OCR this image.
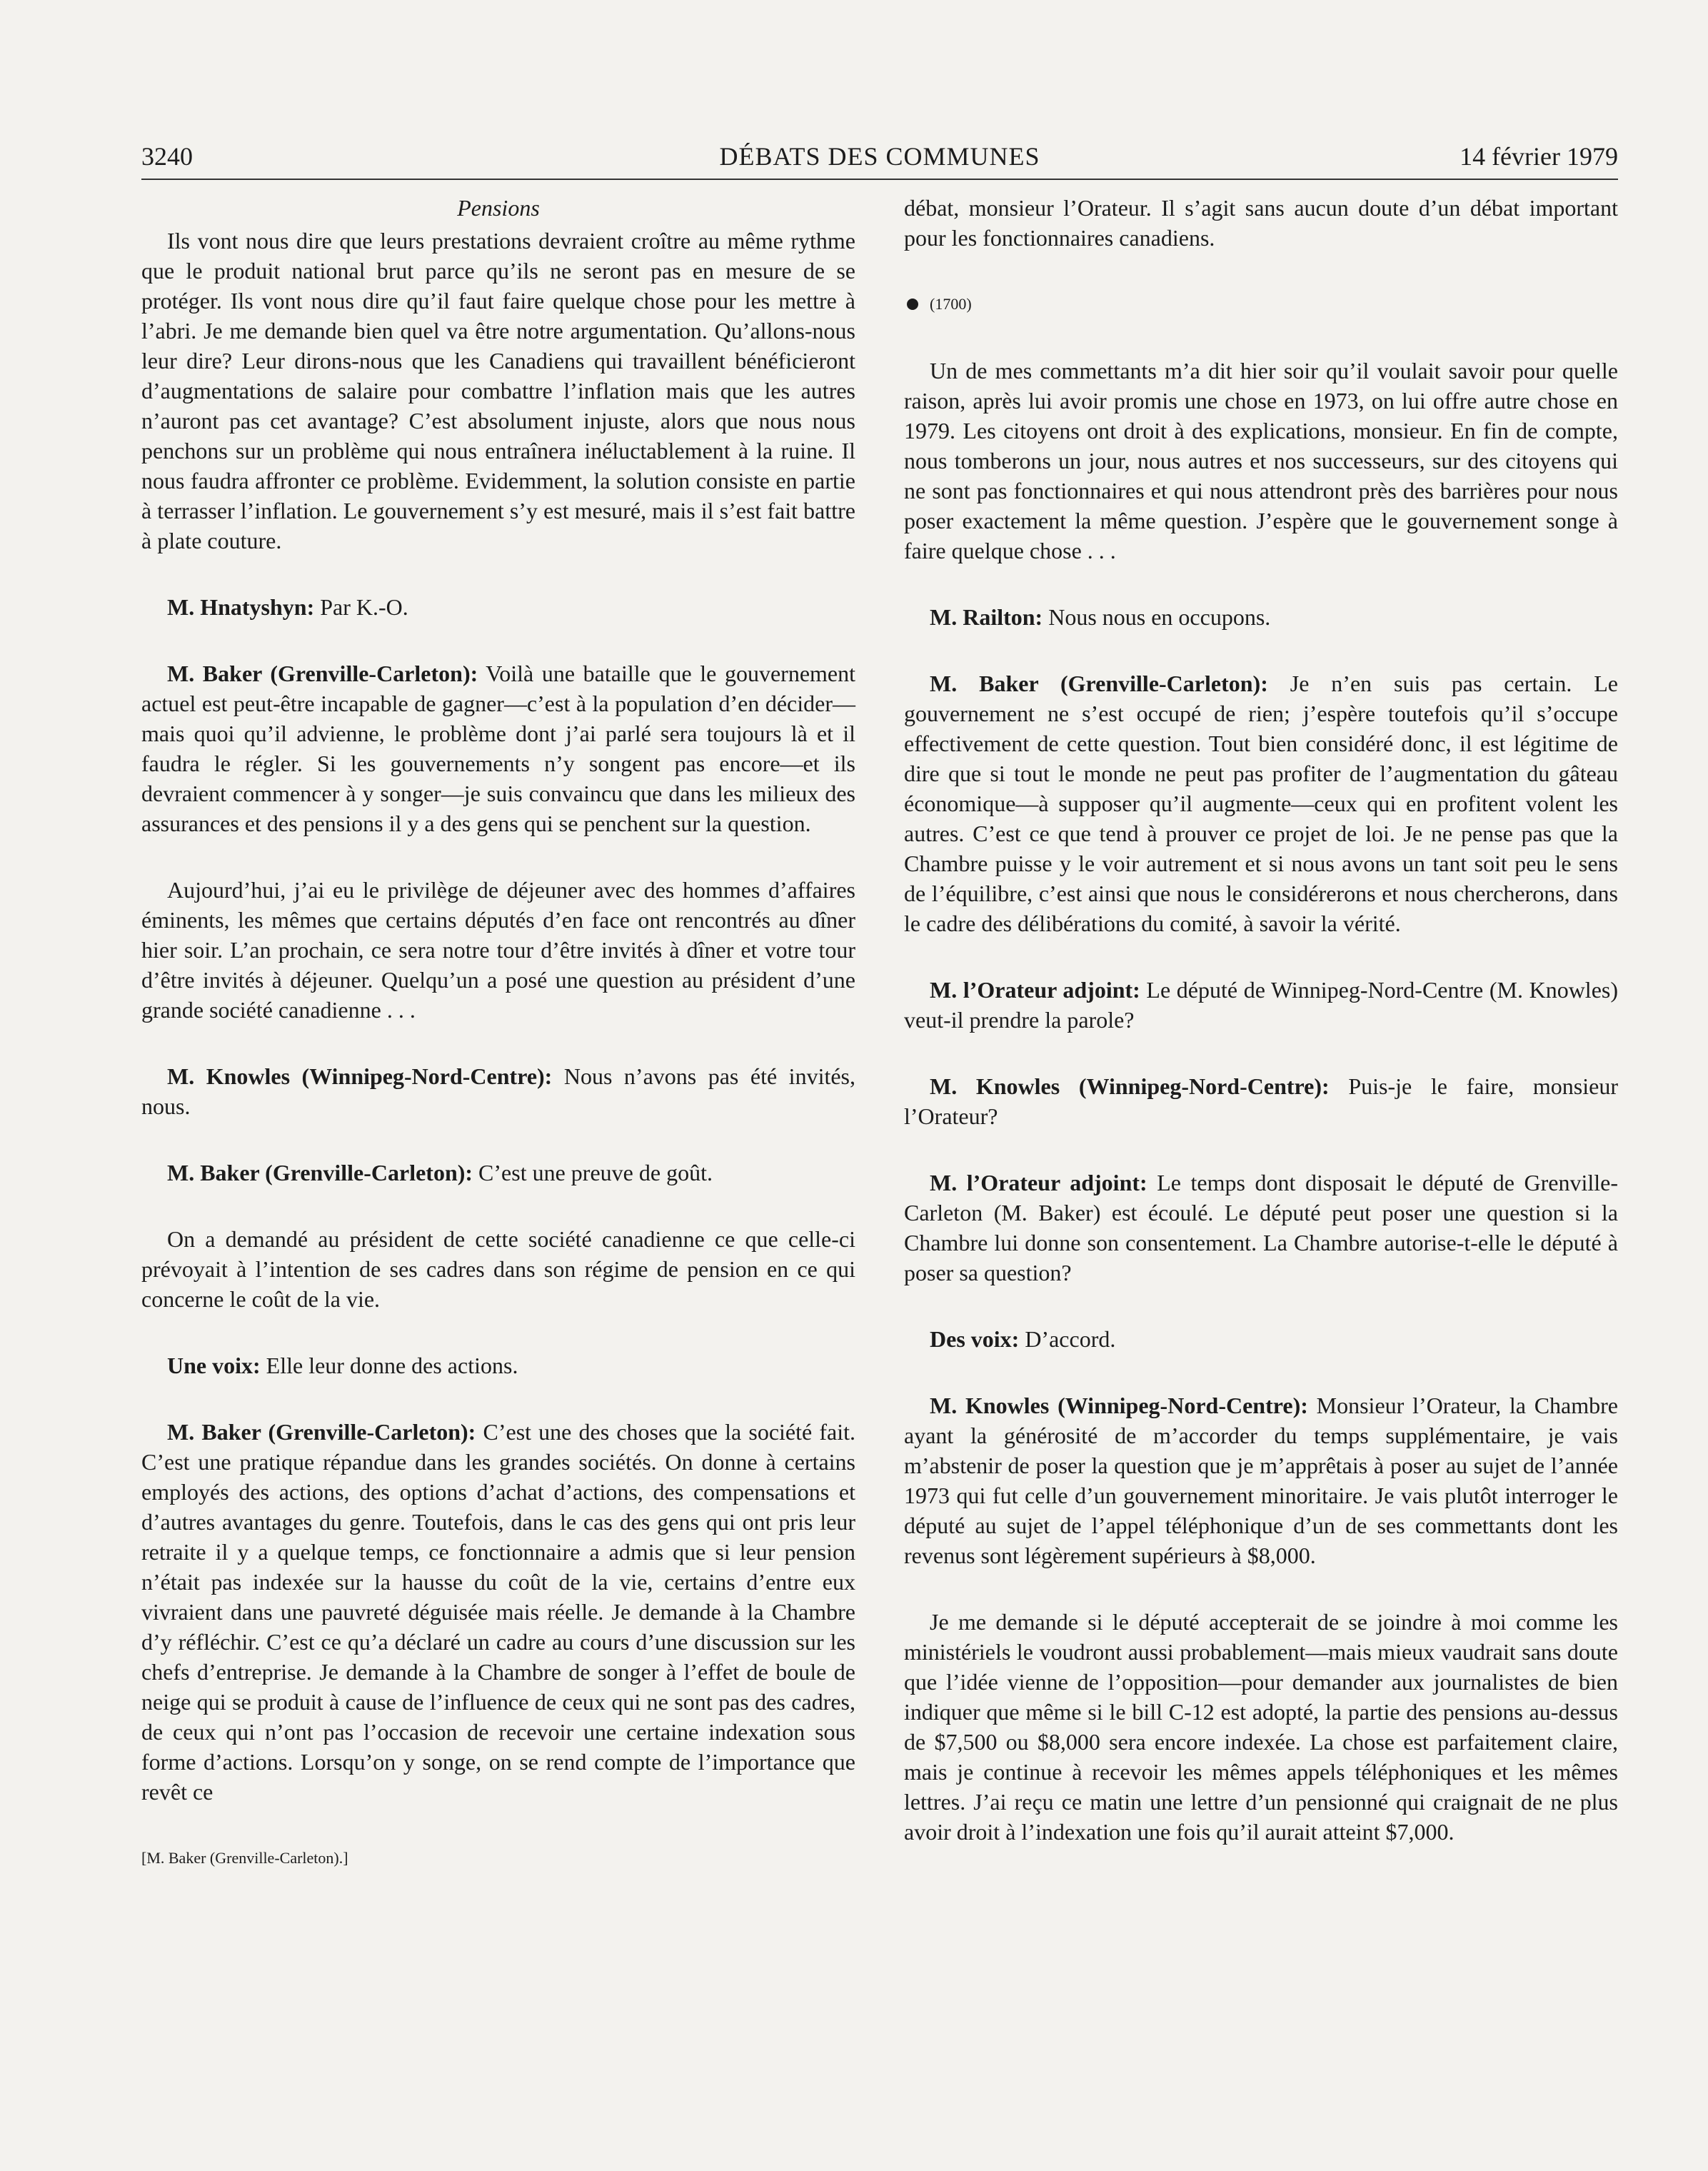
3240	DÉBATS DES COMMUNES	14 février 1979
Pensions

Ils vont nous dire que leurs prestations devraient croître au même rythme que le produit national brut parce qu’ils ne seront pas en mesure de se protéger. Ils vont nous dire qu’il faut faire quelque chose pour les mettre à l’abri. Je me demande bien quel va être notre argumentation. Qu’allons-nous leur dire? Leur dirons-nous que les Canadiens qui travaillent bénéficieront d’augmentations de salaire pour combattre l’inflation mais que les autres n’auront pas cet avantage? C’est absolument injuste, alors que nous nous penchons sur un problème qui nous entraînera inéluctablement à la ruine. Il nous faudra affronter ce problème. Evidemment, la solution consiste en partie à terrasser l’inflation. Le gouvernement s’y est mesuré, mais il s’est fait battre à plate couture.

M. Hnatyshyn: Par K.-O.

M. Baker (Grenville-Carleton): Voilà une bataille que le gouvernement actuel est peut-être incapable de gagner—c’est à la population d’en décider—mais quoi qu’il advienne, le problème dont j’ai parlé sera toujours là et il faudra le régler. Si les gouvernements n’y songent pas encore—et ils devraient commencer à y songer—je suis convaincu que dans les milieux des assurances et des pensions il y a des gens qui se penchent sur la question.

Aujourd’hui, j’ai eu le privilège de déjeuner avec des hommes d’affaires éminents, les mêmes que certains députés d’en face ont rencontrés au dîner hier soir. L’an prochain, ce sera notre tour d’être invités à dîner et votre tour d’être invités à déjeuner. Quelqu’un a posé une question au président d’une grande société canadienne . . .

M. Knowles (Winnipeg-Nord-Centre): Nous n’avons pas été invités, nous.

M. Baker (Grenville-Carleton): C’est une preuve de goût.

On a demandé au président de cette société canadienne ce que celle-ci prévoyait à l’intention de ses cadres dans son régime de pension en ce qui concerne le coût de la vie.

Une voix: Elle leur donne des actions.

M. Baker (Grenville-Carleton): C’est une des choses que la société fait. C’est une pratique répandue dans les grandes sociétés. On donne à certains employés des actions, des options d’achat d’actions, des compensations et d’autres avantages du genre. Toutefois, dans le cas des gens qui ont pris leur retraite il y a quelque temps, ce fonctionnaire a admis que si leur pension n’était pas indexée sur la hausse du coût de la vie, certains d’entre eux vivraient dans une pauvreté déguisée mais réelle. Je demande à la Chambre d’y réfléchir. C’est ce qu’a déclaré un cadre au cours d’une discussion sur les chefs d’entreprise. Je demande à la Chambre de songer à l’effet de boule de neige qui se produit à cause de l’influence de ceux qui ne sont pas des cadres, de ceux qui n’ont pas l’occasion de recevoir une certaine indexation sous forme d’actions. Lorsqu’on y songe, on se rend compte de l’importance que revêt ce

[M. Baker (Grenville-Carleton).]

débat, monsieur l’Orateur. Il s’agit sans aucun doute d’un débat important pour les fonctionnaires canadiens.

(1700)

Un de mes commettants m’a dit hier soir qu’il voulait savoir pour quelle raison, après lui avoir promis une chose en 1973, on lui offre autre chose en 1979. Les citoyens ont droit à des explications, monsieur. En fin de compte, nous tomberons un jour, nous autres et nos successeurs, sur des citoyens qui ne sont pas fonctionnaires et qui nous attendront près des barrières pour nous poser exactement la même question. J’espère que le gouvernement songe à faire quelque chose . . .

M. Railton: Nous nous en occupons.

M. Baker (Grenville-Carleton): Je n’en suis pas certain. Le gouvernement ne s’est occupé de rien; j’espère toutefois qu’il s’occupe effectivement de cette question. Tout bien considéré donc, il est légitime de dire que si tout le monde ne peut pas profiter de l’augmentation du gâteau économique—à supposer qu’il augmente—ceux qui en profitent volent les autres. C’est ce que tend à prouver ce projet de loi. Je ne pense pas que la Chambre puisse y le voir autrement et si nous avons un tant soit peu le sens de l’équilibre, c’est ainsi que nous le considérerons et nous chercherons, dans le cadre des délibérations du comité, à savoir la vérité.

M. l’Orateur adjoint: Le député de Winnipeg-Nord-Centre (M. Knowles) veut-il prendre la parole?

M. Knowles (Winnipeg-Nord-Centre): Puis-je le faire, monsieur l’Orateur?

M. l’Orateur adjoint: Le temps dont disposait le député de Grenville-Carleton (M. Baker) est écoulé. Le député peut poser une question si la Chambre lui donne son consentement. La Chambre autorise-t-elle le député à poser sa question?

Des voix: D’accord.

M. Knowles (Winnipeg-Nord-Centre): Monsieur l’Orateur, la Chambre ayant la générosité de m’accorder du temps supplémentaire, je vais m’abstenir de poser la question que je m’apprêtais à poser au sujet de l’année 1973 qui fut celle d’un gouvernement minoritaire. Je vais plutôt interroger le député au sujet de l’appel téléphonique d’un de ses commettants dont les revenus sont légèrement supérieurs à $8,000.

Je me demande si le député accepterait de se joindre à moi comme les ministériels le voudront aussi probablement—mais mieux vaudrait sans doute que l’idée vienne de l’opposition—pour demander aux journalistes de bien indiquer que même si le bill C-12 est adopté, la partie des pensions au-dessus de $7,500 ou $8,000 sera encore indexée. La chose est parfaitement claire, mais je continue à recevoir les mêmes appels téléphoniques et les mêmes lettres. J’ai reçu ce matin une lettre d’un pensionné qui craignait de ne plus avoir droit à l’indexation une fois qu’il aurait atteint $7,000.
